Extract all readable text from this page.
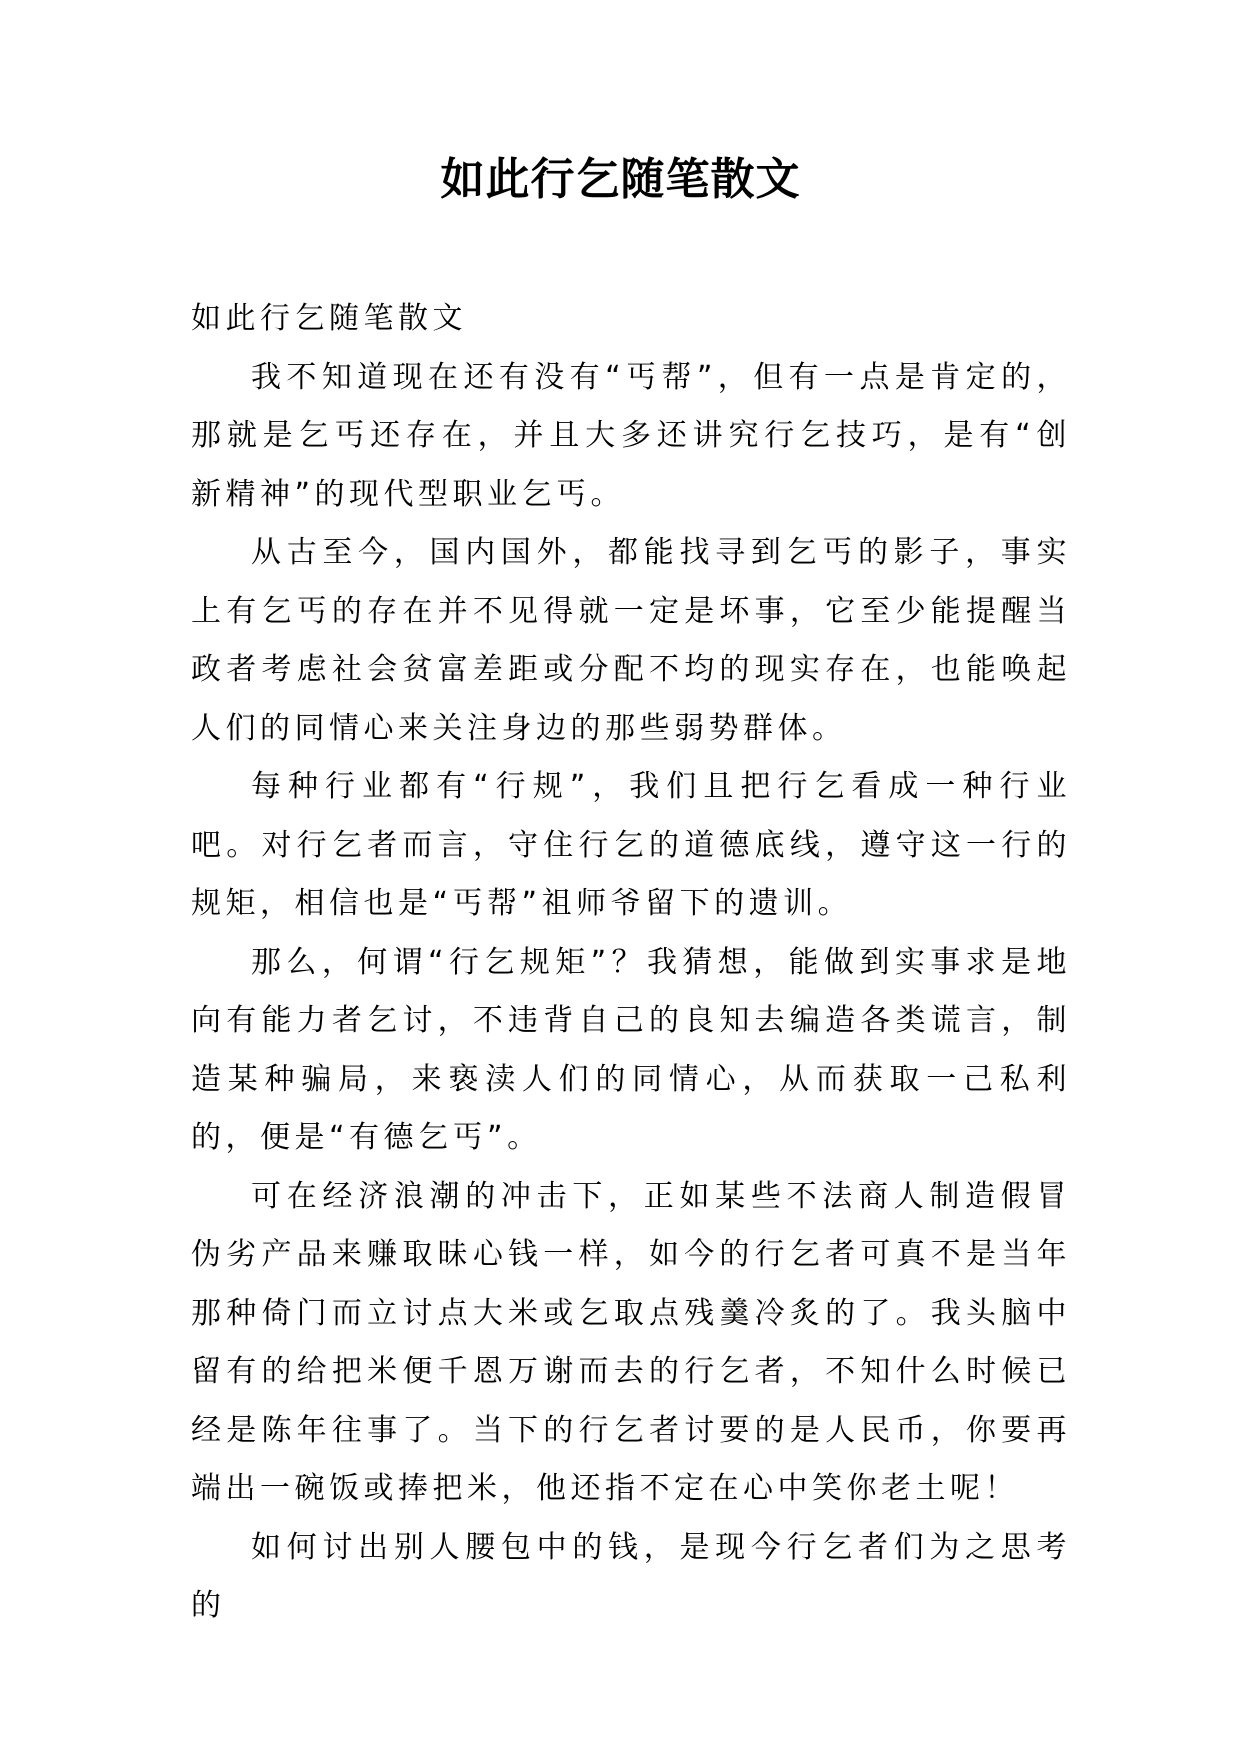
如此行乞随笔散文

如此行乞随笔散文

我不知道现在还有没有“丐帮”，但有一点是肯定的，那就是乞丐还存在，并且大多还讲究行乞技巧，是有“创新精神”的现代型职业乞丐。

从古至今，国内国外，都能找寻到乞丐的影子，事实上有乞丐的存在并不见得就一定是坏事，它至少能提醒当政者考虑社会贫富差距或分配不均的现实存在，也能唤起人们的同情心来关注身边的那些弱势群体。

每种行业都有“行规”，我们且把行乞看成一种行业吧。对行乞者而言，守住行乞的道德底线，遵守这一行的规矩，相信也是“丐帮”祖师爷留下的遗训。

那么，何谓“行乞规矩”？我猜想，能做到实事求是地向有能力者乞讨，不违背自己的良知去编造各类谎言，制造某种骗局，来亵渎人们的同情心，从而获取一己私利的，便是“有德乞丐”。

可在经济浪潮的冲击下，正如某些不法商人制造假冒伪劣产品来赚取昧心钱一样，如今的行乞者可真不是当年那种倚门而立讨点大米或乞取点残羹冷炙的了。我头脑中留有的给把米便千恩万谢而去的行乞者，不知什么时候已经是陈年往事了。当下的行乞者讨要的是人民币，你要再端出一碗饭或捧把米，他还指不定在心中笑你老土呢！

如何讨出别人腰包中的钱，是现今行乞者们为之思考的
